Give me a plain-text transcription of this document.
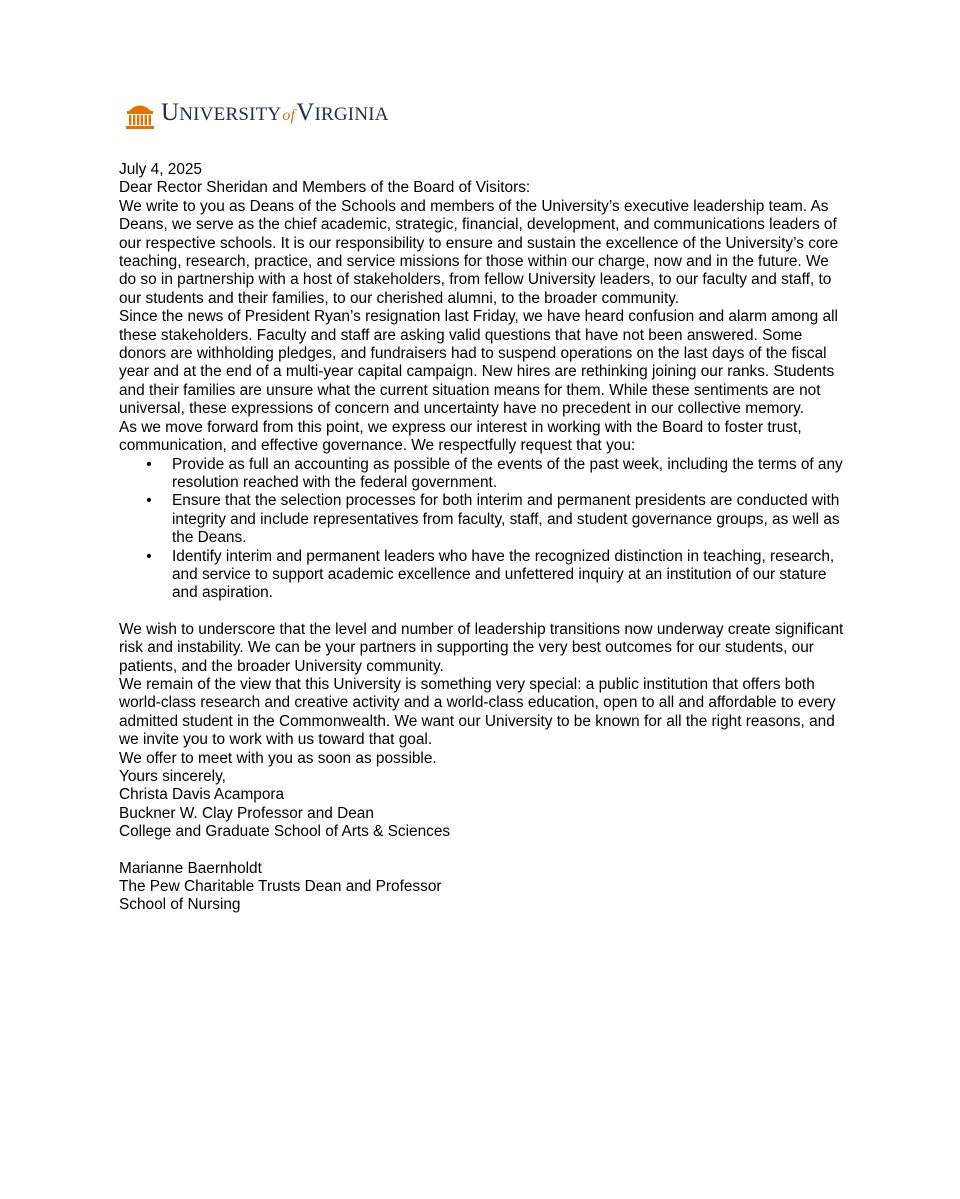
UNIVERSITYofVIRGINIA

July 4, 2025

Dear Rector Sheridan and Members of the Board of Visitors:

We write to you as Deans of the Schools and members of the University’s executive leadership team. As Deans, we serve as the chief academic, strategic, financial, development, and communications leaders of our respective schools. It is our responsibility to ensure and sustain the excellence of the University’s core teaching, research, practice, and service missions for those within our charge, now and in the future. We do so in partnership with a host of stakeholders, from fellow University leaders, to our faculty and staff, to our students and their families, to our cherished alumni, to the broader community.

Since the news of President Ryan’s resignation last Friday, we have heard confusion and alarm among all these stakeholders. Faculty and staff are asking valid questions that have not been answered. Some donors are withholding pledges, and fundraisers had to suspend operations on the last days of the fiscal year and at the end of a multi-year capital campaign. New hires are rethinking joining our ranks. Students and their families are unsure what the current situation means for them. While these sentiments are not universal, these expressions of concern and uncertainty have no precedent in our collective memory.

As we move forward from this point, we express our interest in working with the Board to foster trust, communication, and effective governance. We respectfully request that you:

• Provide as full an accounting as possible of the events of the past week, including the terms of any resolution reached with the federal government.
• Ensure that the selection processes for both interim and permanent presidents are conducted with integrity and include representatives from faculty, staff, and student governance groups, as well as the Deans.
• Identify interim and permanent leaders who have the recognized distinction in teaching, research, and service to support academic excellence and unfettered inquiry at an institution of our stature and aspiration.

We wish to underscore that the level and number of leadership transitions now underway create significant risk and instability. We can be your partners in supporting the very best outcomes for our students, our patients, and the broader University community.

We remain of the view that this University is something very special: a public institution that offers both world-class research and creative activity and a world-class education, open to all and affordable to every admitted student in the Commonwealth. We want our University to be known for all the right reasons, and we invite you to work with us toward that goal.

We offer to meet with you as soon as possible.

Yours sincerely,

Christa Davis Acampora
Buckner W. Clay Professor and Dean
College and Graduate School of Arts & Sciences
Marianne Baernholdt
The Pew Charitable Trusts Dean and Professor
School of Nursing
